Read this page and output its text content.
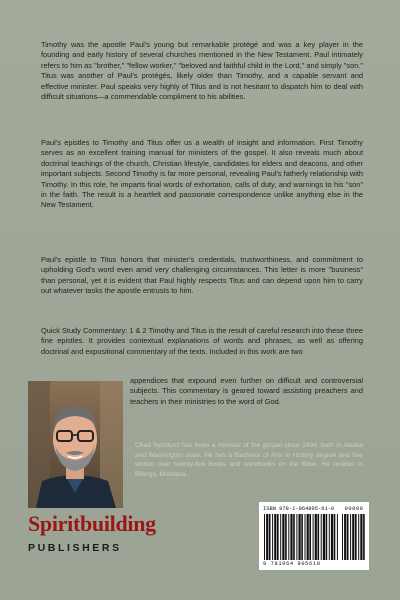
Timothy was the apostle Paul's young but remarkable protégé and was a key player in the founding and early history of several churches mentioned in the New Testament. Paul intimately refers to him as "brother," "fellow worker," "beloved and faithful child in the Lord," and simply "son." Titus was another of Paul's protégés, likely older than Timothy, and a capable servant and effective minister. Paul speaks very highly of Titus and is not hesitant to dispatch him to deal with difficult situations—a commendable compliment to his abilities.

Paul's epistles to Timothy and Titus offer us a wealth of insight and information. First Timothy serves as an excellent training manual for ministers of the gospel. It also reveals much about doctrinal teachings of the church, Christian lifestyle, candidates for elders and deacons, and other important subjects. Second Timothy is far more personal, revealing Paul's fatherly relationship with Timothy. In this role, he imparts final words of exhortation, calls of duty, and warnings to his "son" in the faith. The result is a heartfelt and passionate correspondence unlike anything else in the New Testament.

Paul's epistle to Titus honors that minister's credentials, trustworthiness, and commitment to upholding God's word even amid very challenging circumstances. This letter is more "business" than personal, yet it is evident that Paul highly respects Titus and can depend upon him to carry out whatever tasks the apostle entrusts to him.

Quick Study Commentary: 1 & 2 Timothy and Titus is the result of careful research into these three fine epistles. It provides contextual explanations of words and phrases, as well as offering doctrinal and expositional commentary of the texts. Included in this work are two

appendices that expound even further on difficult and controversial subjects. This commentary is geared toward assisting preachers and teachers in their ministries to the word of God.

Chad Sychtysz has been a minister of the gospel since 1994, both in Alaska and Washington state. He has a Bachelor of Arts in History degree and has written over twenty-five books and workbooks on the Bible. He resides in Billings, Montana.

Spiritbuilding
PUBLISHERS
ISBN 978-1-964805-61-0	90000
9 781964 805610
